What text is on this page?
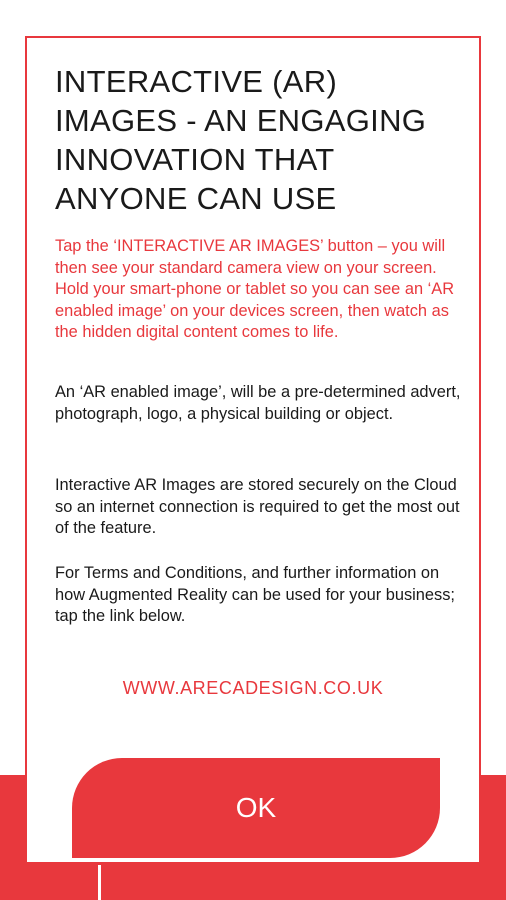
INTERACTIVE (AR) IMAGES - AN ENGAGING INNOVATION THAT ANYONE CAN USE

Tap the ‘INTERACTIVE AR IMAGES’ button – you will then see your standard camera view on your screen. Hold your smart-phone or tablet so you can see an ‘AR enabled image’ on your devices screen, then watch as the hidden digital content comes to life.

An ‘AR enabled image’, will be a pre-determined advert, photograph, logo, a physical building or object.

Interactive AR Images are stored securely on the Cloud so an internet connection is required to get the most out of the feature.

For Terms and Conditions, and further information on how Augmented Reality can be used for your business; tap the link below.

WWW.ARECADESIGN.CO.UK
OK
